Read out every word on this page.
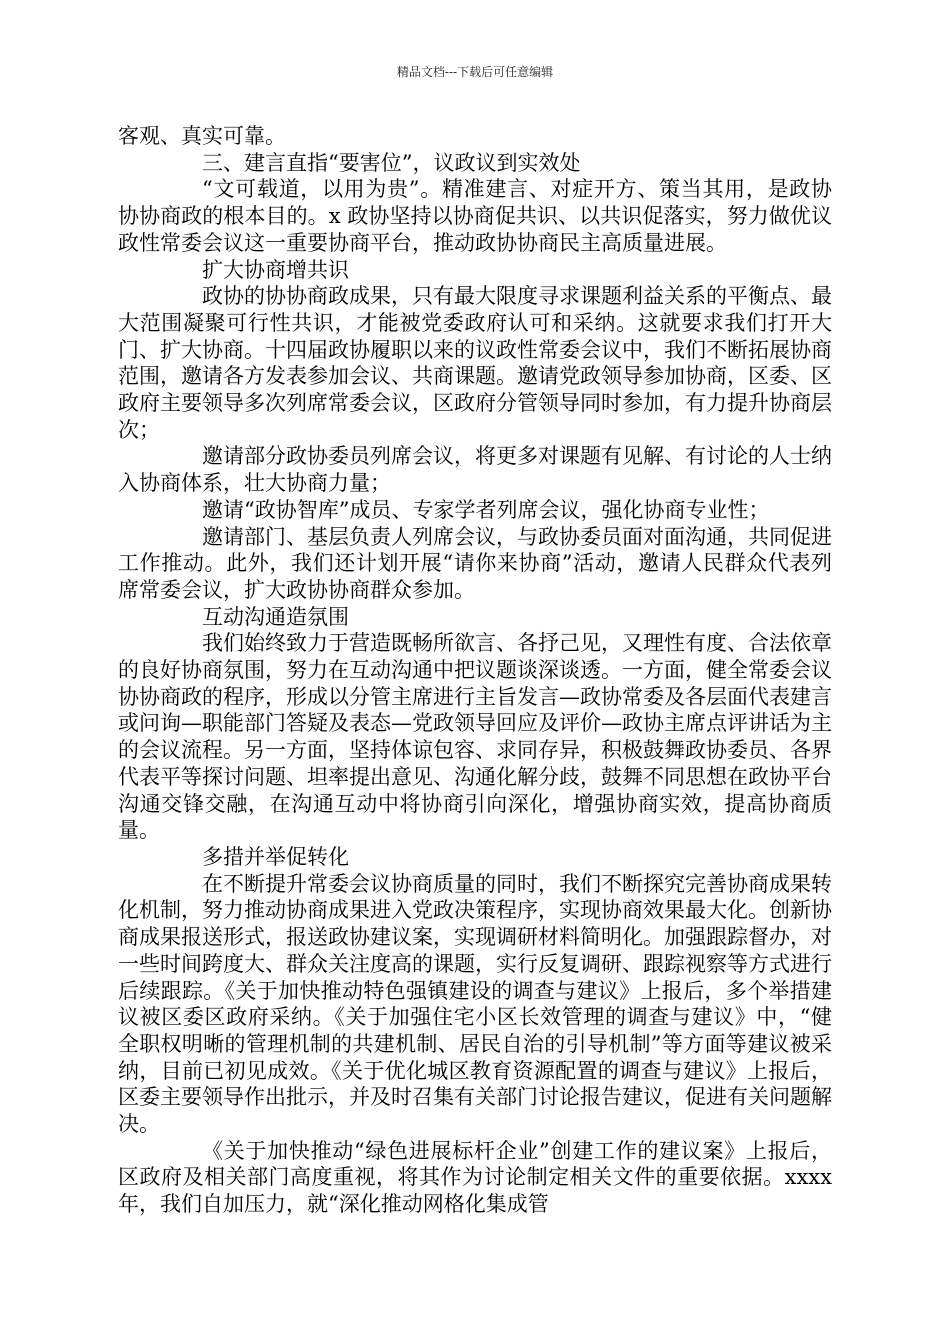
精品文档---下载后可任意编辑

客观、真实可靠。

三、建言直指“要害位”，议政议到实效处

“文可载道，以用为贵”。精准建言、对症开方、策当其用，是政协协协商政的根本目的。x 政协坚持以协商促共识、以共识促落实，努力做优议政性常委会议这一重要协商平台，推动政协协商民主高质量进展。

扩大协商增共识

政协的协协商政成果，只有最大限度寻求课题利益关系的平衡点、最大范围凝聚可行性共识，才能被党委政府认可和采纳。这就要求我们打开大门、扩大协商。十四届政协履职以来的议政性常委会议中，我们不断拓展协商范围，邀请各方发表参加会议、共商课题。邀请党政领导参加协商，区委、区政府主要领导多次列席常委会议，区政府分管领导同时参加，有力提升协商层次；

邀请部分政协委员列席会议，将更多对课题有见解、有讨论的人士纳入协商体系，壮大协商力量；

邀请“政协智库”成员、专家学者列席会议，强化协商专业性；

邀请部门、基层负责人列席会议，与政协委员面对面沟通，共同促进工作推动。此外，我们还计划开展“请你来协商”活动，邀请人民群众代表列席常委会议，扩大政协协商群众参加。

互动沟通造氛围

我们始终致力于营造既畅所欲言、各抒己见，又理性有度、合法依章的良好协商氛围，努力在互动沟通中把议题谈深谈透。一方面，健全常委会议协协商政的程序，形成以分管主席进行主旨发言—政协常委及各层面代表建言或问询—职能部门答疑及表态—党政领导回应及评价—政协主席点评讲话为主的会议流程。另一方面，坚持体谅包容、求同存异，积极鼓舞政协委员、各界代表平等探讨问题、坦率提出意见、沟通化解分歧，鼓舞不同思想在政协平台沟通交锋交融，在沟通互动中将协商引向深化，增强协商实效，提高协商质量。

多措并举促转化

在不断提升常委会议协商质量的同时，我们不断探究完善协商成果转化机制，努力推动协商成果进入党政决策程序，实现协商效果最大化。创新协商成果报送形式，报送政协建议案，实现调研材料简明化。加强跟踪督办，对一些时间跨度大、群众关注度高的课题，实行反复调研、跟踪视察等方式进行后续跟踪。《关于加快推动特色强镇建设的调查与建议》上报后，多个举措建议被区委区政府采纳。《关于加强住宅小区长效管理的调查与建议》中，“健全职权明晰的管理机制的共建机制、居民自治的引导机制”等方面等建议被采纳，目前已初见成效。《关于优化城区教育资源配置的调查与建议》上报后，区委主要领导作出批示，并及时召集有关部门讨论报告建议，促进有关问题解决。

《关于加快推动“绿色进展标杆企业”创建工作的建议案》上报后，区政府及相关部门高度重视，将其作为讨论制定相关文件的重要依据。xxxx 年，我们自加压力，就“深化推动网格化集成管
